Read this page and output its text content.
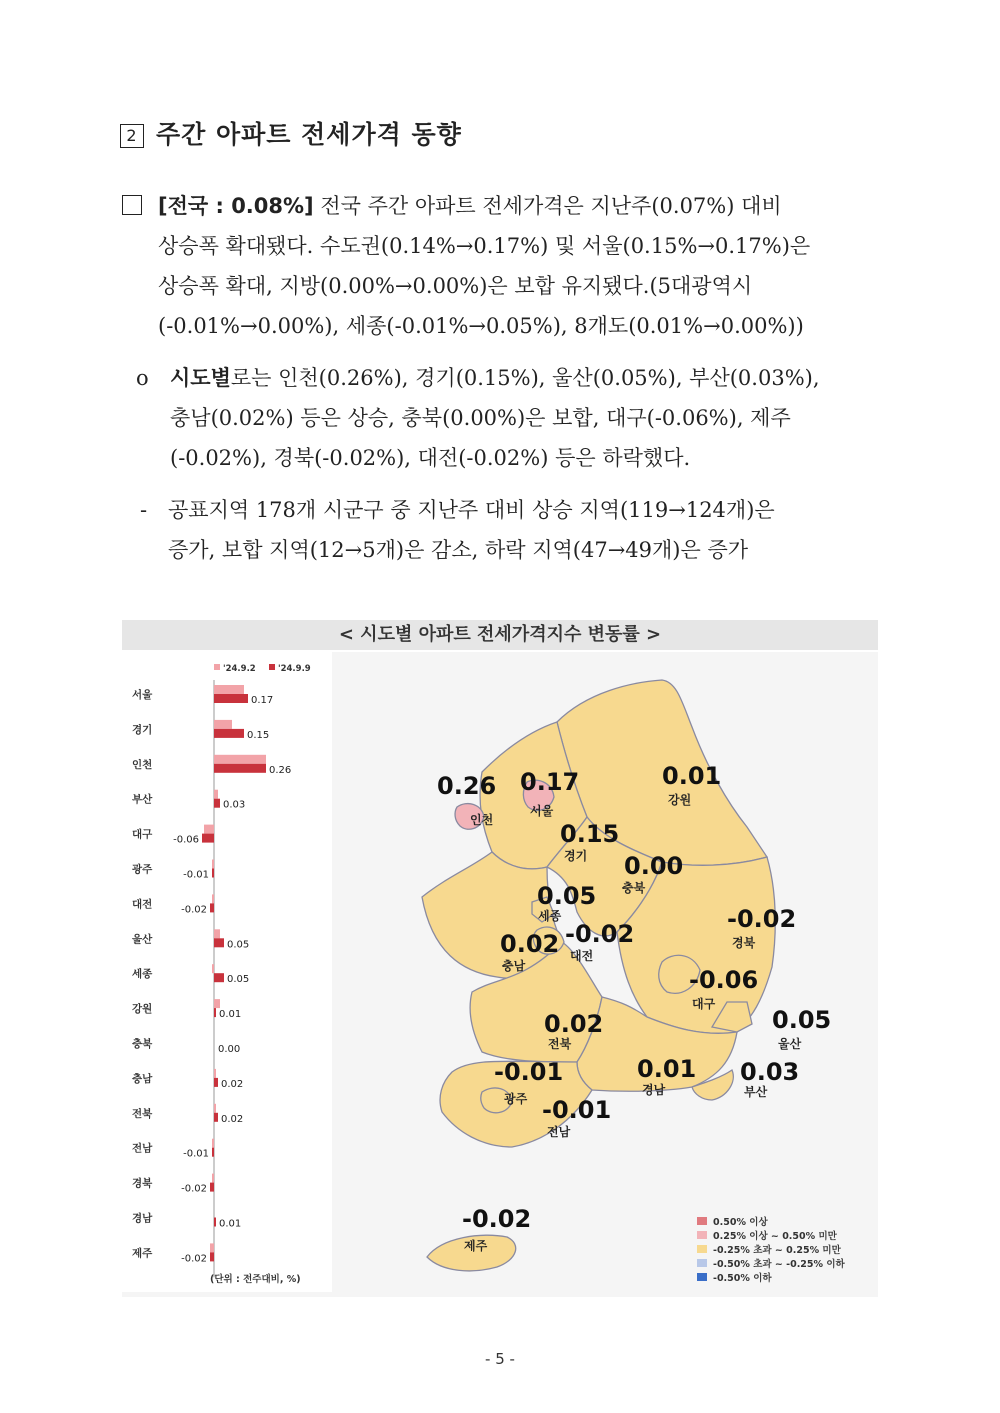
2 주간 아파트 전세가격 동향
[전국 : 0.08%] 전국 주간 아파트 전세가격은 지난주(0.07%) 대비
상승폭 확대됐다. 수도권(0.14%→0.17%) 및 서울(0.15%→0.17%)은
상승폭 확대, 지방(0.00%→0.00%)은 보합 유지됐다.(5대광역시
(-0.01%→0.00%), 세종(-0.01%→0.05%), 8개도(0.01%→0.00%))
o 시도별로는 인천(0.26%), 경기(0.15%), 울산(0.05%), 부산(0.03%),
충남(0.02%) 등은 상승, 충북(0.00%)은 보합, 대구(-0.06%), 제주
(-0.02%), 경북(-0.02%), 대전(-0.02%) 등은 하락했다.
- 공표지역 178개 시군구 중 지난주 대비 상승 지역(119→124개)은
증가, 보합 지역(12→5개)은 감소, 하락 지역(47→49개)은 증가
< 시도별 아파트 전세가격지수 변동률 >
'24.9.2	'24.9.9
서울	0.17
경기	0.15
인천	0.26
부산	0.03
대구 -0.06
광주	-0.01
대전	-0.02
울산	0.05
세종	0.05
강원	0.01
충북	0.00
충남	0.02
전북	0.02
전남	-0.01
경북	-0.02
경남	0.01
제주	-0.02
(단위 : 전주대비, %)
0.26
인천
0.17
서울
0.01
강원
0.15
경기 0.00
충북
0.05
세종	-0.02
경북
-0.02
대전
0.02
충남	-0.06
대구
0.05
울산
0.02
전북
0.01
경남
0.03
부산
-0.01
광주 -0.01
전남
-0.02
제주
0.50% 이상
0.25% 이상 ~ 0.50% 미만
-0.25% 초과 ~ 0.25% 미만
-0.50% 초과 ~ -0.25% 이하
-0.50% 이하
- 5 -
